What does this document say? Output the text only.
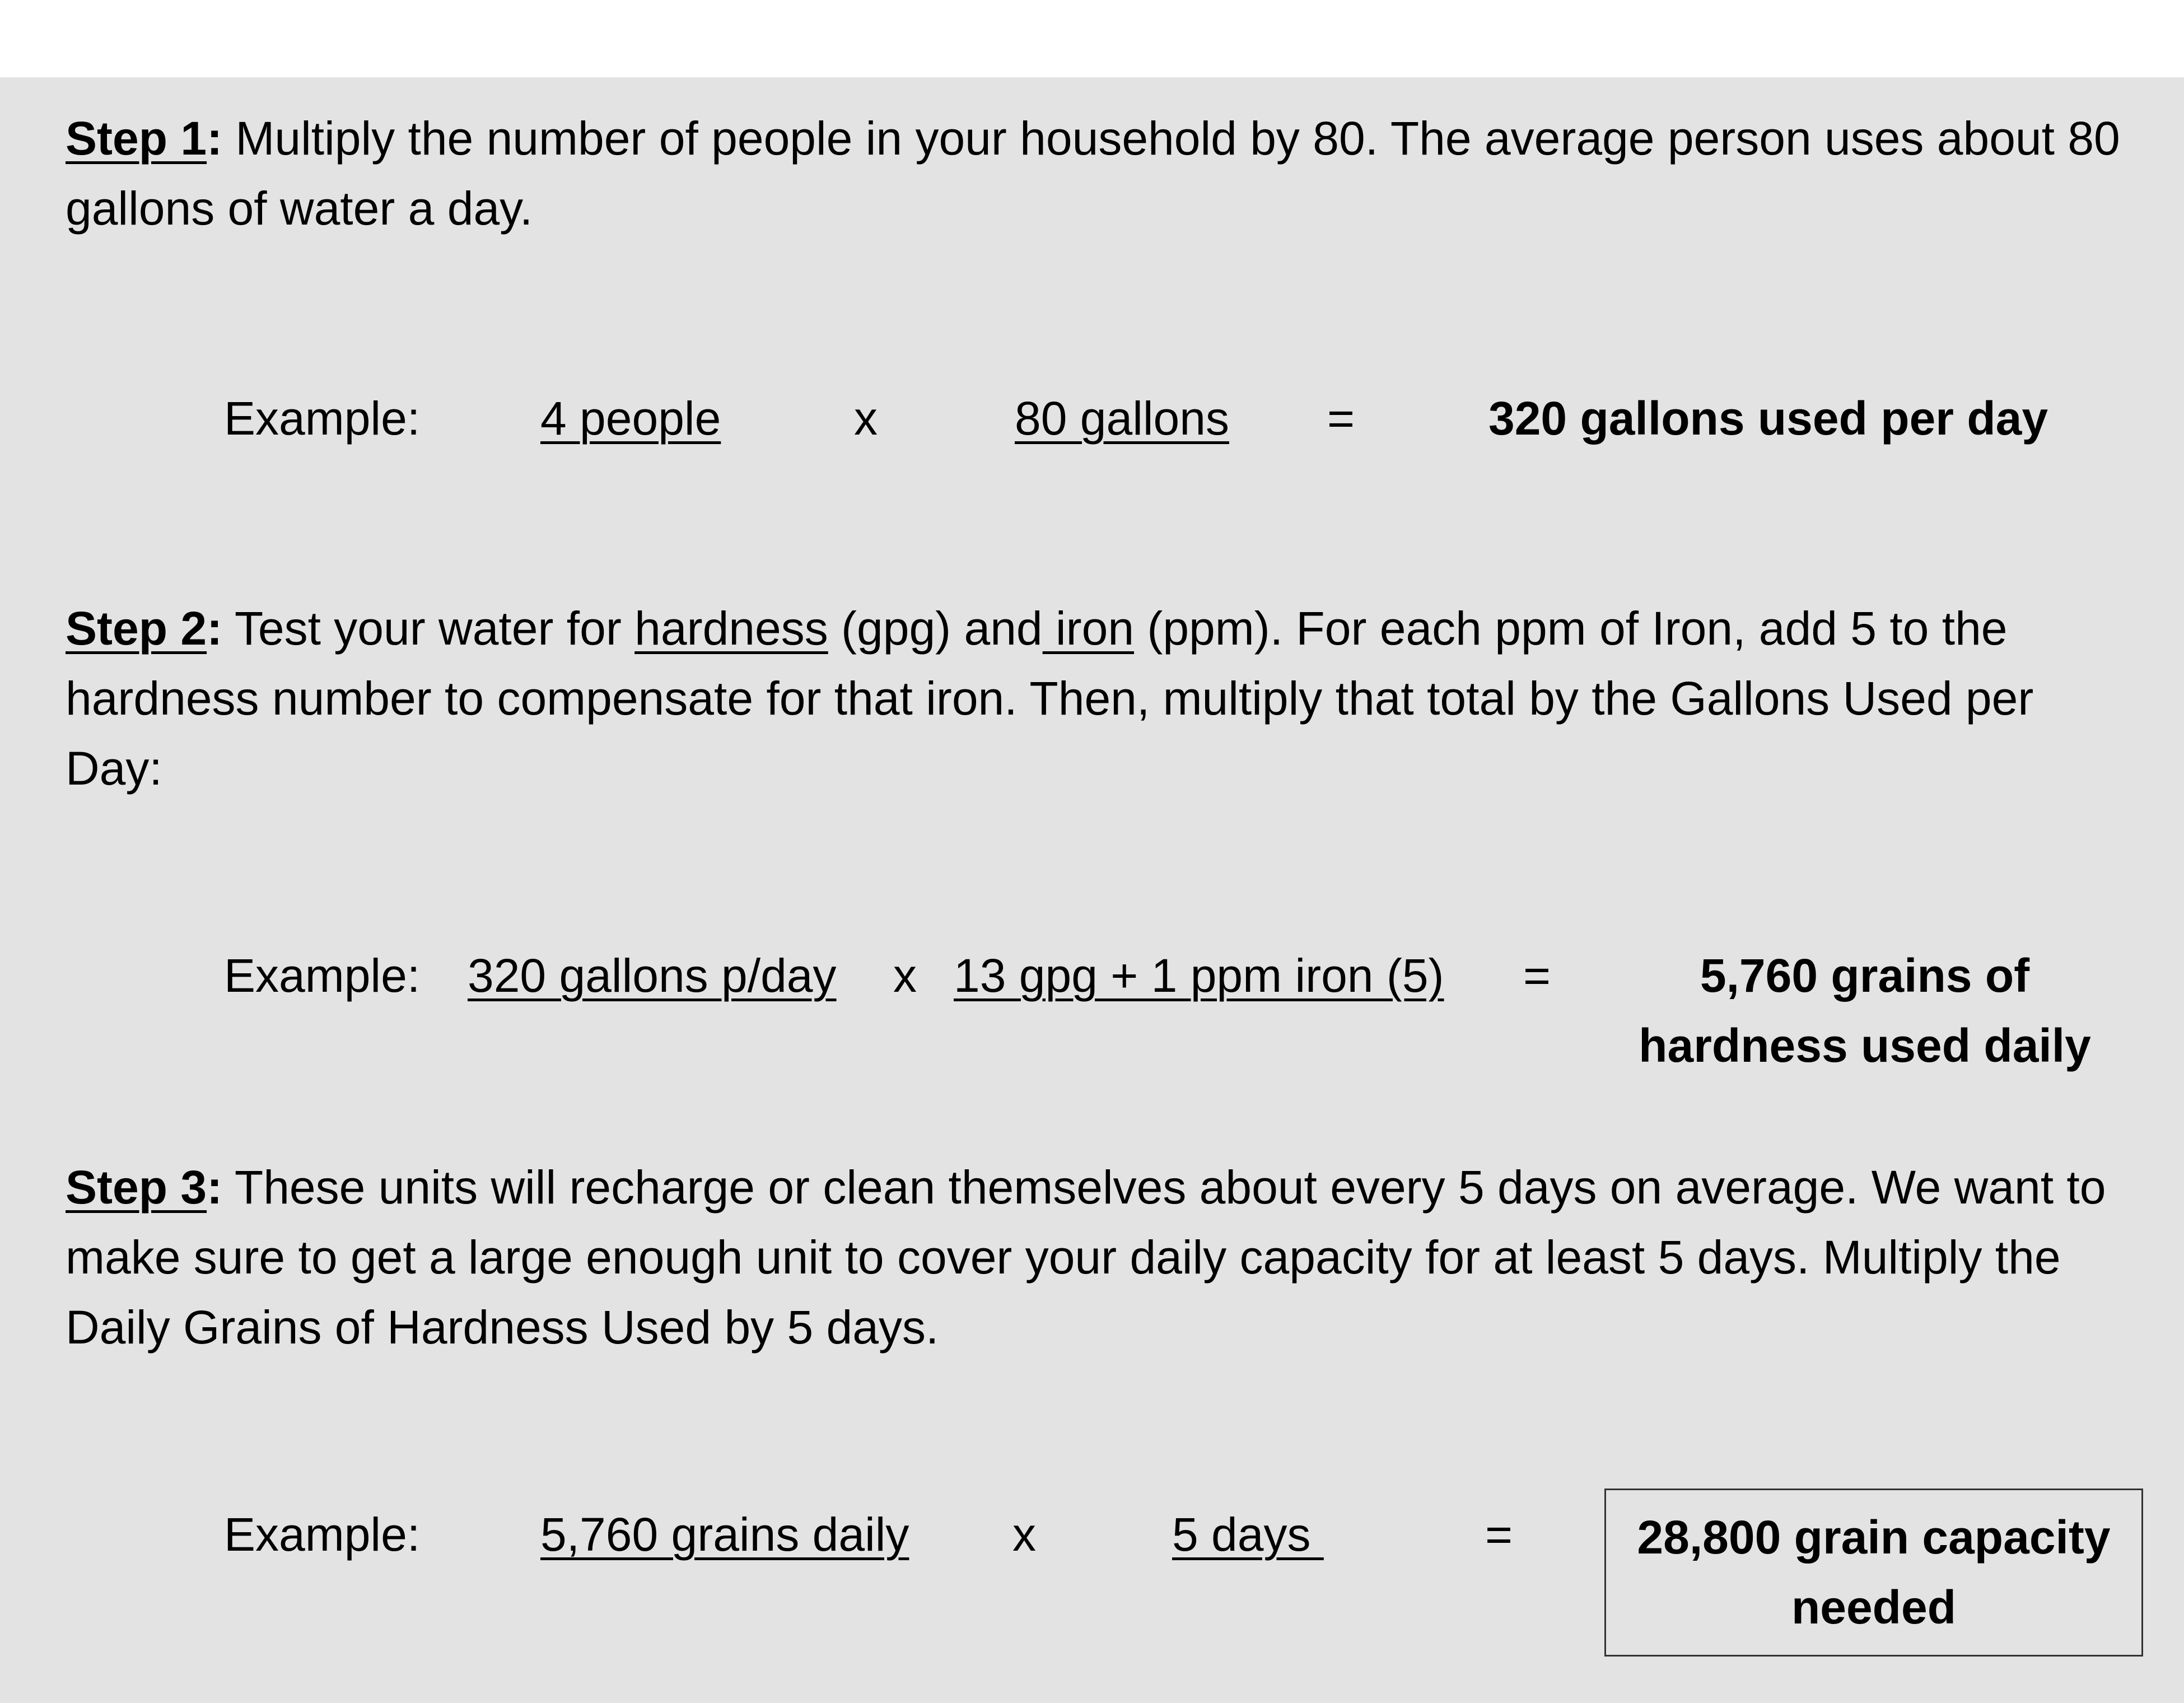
Step 1: Multiply the number of people in your household by 80. The average person uses about 80 gallons of water a day.
Example:	4 people	x	80 gallons =	320 gallons used per day
Step 2: Test your water for hardness (gpg) and iron (ppm). For each ppm of Iron, add 5 to the hardness number to compensate for that iron. Then, multiply that total by the Gallons Used per Day:
Example: 320 gallons p/day x 13 gpg + 1 ppm iron (5) =	5,760 grains of
hardness used daily
Step 3: These units will recharge or clean themselves about every 5 days on average. We want to make sure to get a large enough unit to cover your daily capacity for at least 5 days. Multiply the Daily Grains of Hardness Used by 5 days.
Example:	5,760 grains daily x	5 days	=	28,800 grain capacity
needed
